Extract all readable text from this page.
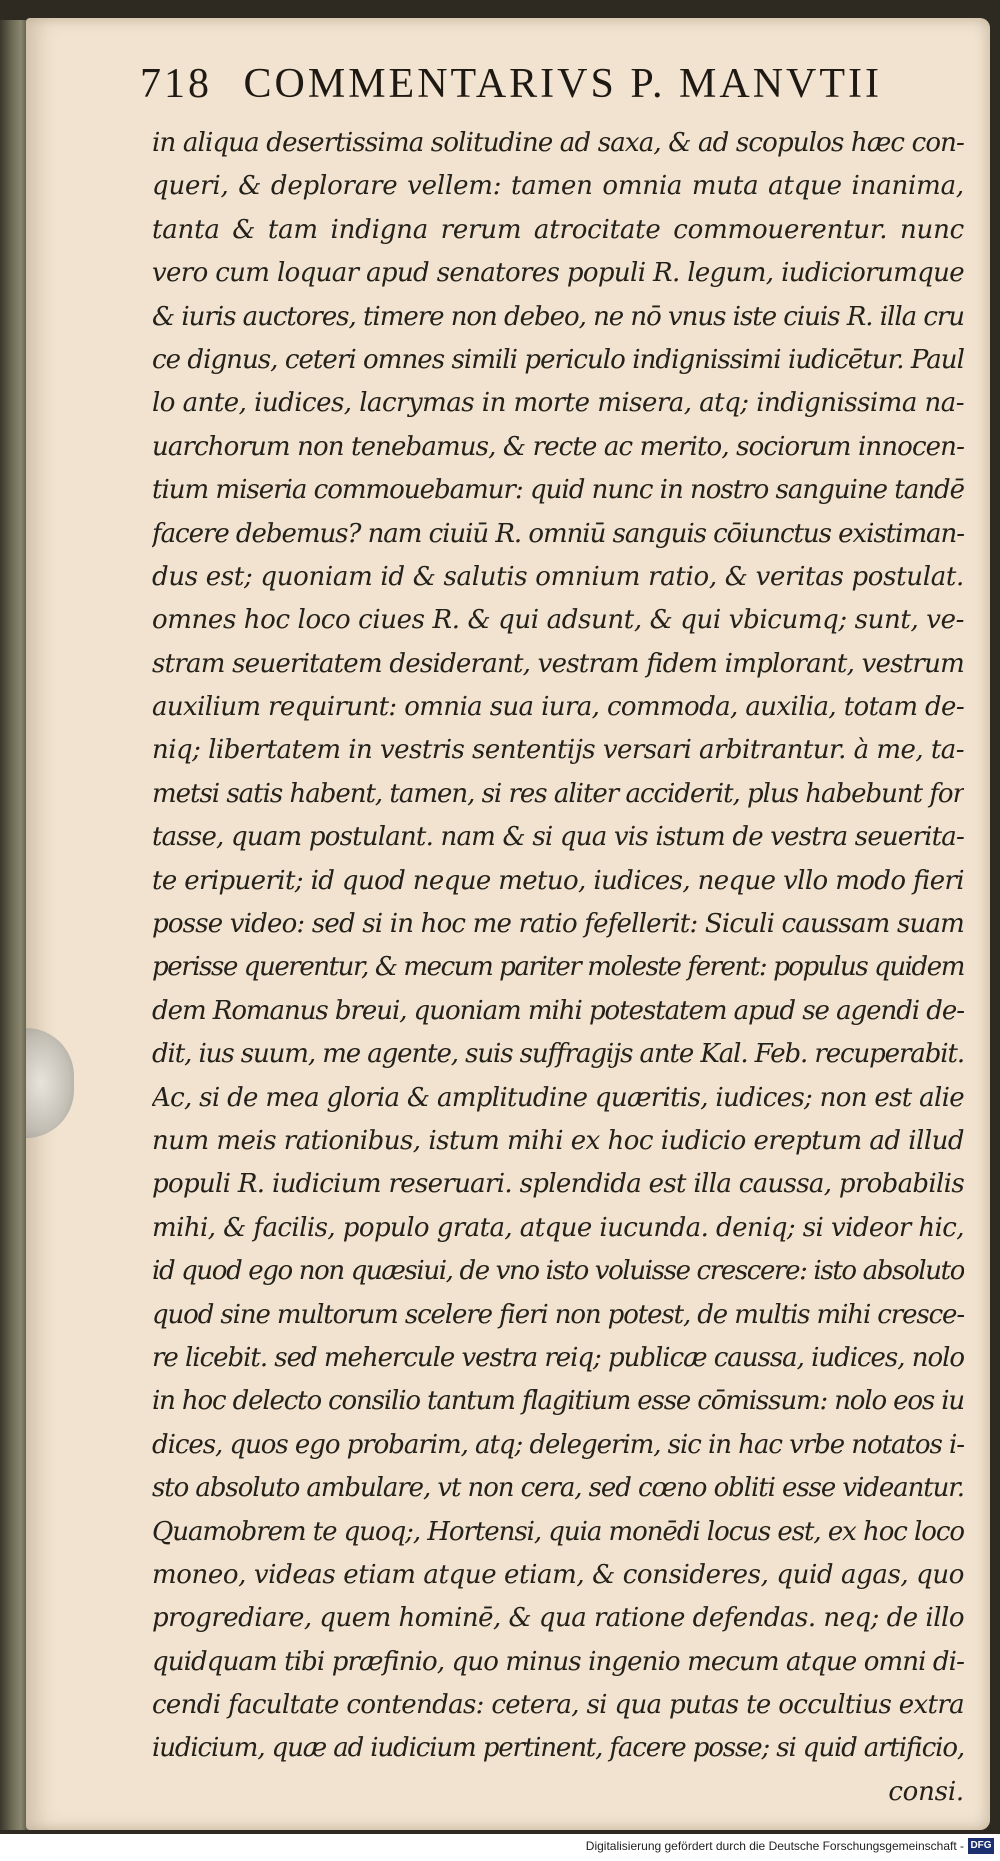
718 COMMENTARIVS P. MANVTII
in aliqua desertissima solitudine ad saxa, & ad scopulos hæc con-
queri, & deplorare vellem: tamen omnia muta atque inanima,
tanta & tam indigna rerum atrocitate commouerentur. nunc
vero cum loquar apud senatores populi R. legum, iudiciorumque
& iuris auctores, timere non debeo, ne nō vnus iste ciuis R. illa cru
ce dignus, ceteri omnes simili periculo indignissimi iudicētur. Paul
lo ante, iudices, lacrymas in morte misera, atq; indignissima na-
uarchorum non tenebamus, & recte ac merito, sociorum innocen-
tium miseria commouebamur: quid nunc in nostro sanguine tandē
facere debemus? nam ciuiū R. omniū sanguis cōiunctus existiman-
dus est; quoniam id & salutis omnium ratio, & veritas postulat.
omnes hoc loco ciues R. & qui adsunt, & qui vbicumq; sunt, ve-
stram seueritatem desiderant, vestram fidem implorant, vestrum
auxilium requirunt: omnia sua iura, commoda, auxilia, totam de-
niq; libertatem in vestris sententijs versari arbitrantur. à me, ta-
metsi satis habent, tamen, si res aliter acciderit, plus habebunt for
tasse, quam postulant. nam & si qua vis istum de vestra seuerita-
te eripuerit; id quod neque metuo, iudices, neque vllo modo fieri
posse video: sed si in hoc me ratio fefellerit: Siculi caussam suam
perisse querentur, & mecum pariter moleste ferent: populus quidem
dem Romanus breui, quoniam mihi potestatem apud se agendi de-
dit, ius suum, me agente, suis suffragijs ante Kal. Feb. recuperabit.
Ac, si de mea gloria & amplitudine quæritis, iudices; non est alie
num meis rationibus, istum mihi ex hoc iudicio ereptum ad illud
populi R. iudicium reseruari. splendida est illa caussa, probabilis
mihi, & facilis, populo grata, atque iucunda. deniq; si videor hic,
id quod ego non quæsiui, de vno isto voluisse crescere: isto absoluto
quod sine multorum scelere fieri non potest, de multis mihi cresce-
re licebit. sed mehercule vestra reiq; publicæ caussa, iudices, nolo
in hoc delecto consilio tantum flagitium esse cōmissum: nolo eos iu
dices, quos ego probarim, atq; delegerim, sic in hac vrbe notatos i-
sto absoluto ambulare, vt non cera, sed cœno obliti esse videantur.
Quamobrem te quoq;, Hortensi, quia monēdi locus est, ex hoc loco
moneo, videas etiam atque etiam, & consideres, quid agas, quo
progrediare, quem hominē, & qua ratione defendas. neq; de illo
quidquam tibi præfinio, quo minus ingenio mecum atque omni di-
cendi facultate contendas: cetera, si qua putas te occultius extra
iudicium, quæ ad iudicium pertinent, facere posse; si quid artificio,
consi.
Digitalisierung gefördert durch die Deutsche Forschungsgemeinschaft - DFG
